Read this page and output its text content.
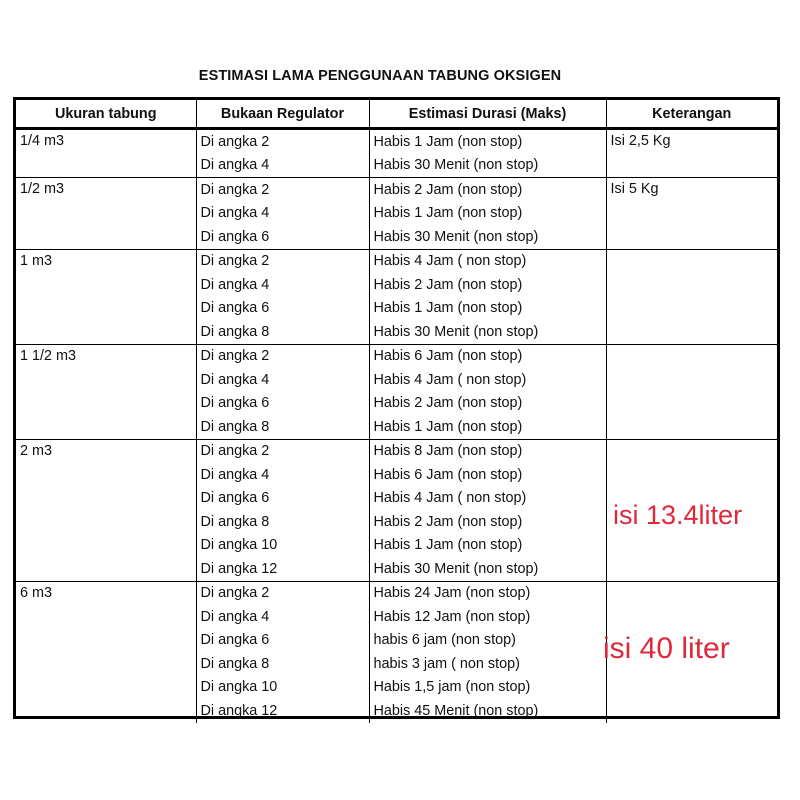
ESTIMASI LAMA PENGGUNAAN TABUNG OKSIGEN
Ukuran tabung	Bukaan Regulator	Estimasi Durasi (Maks)	Keterangan
1/4 m3	Di angka 2	Habis 1 Jam (non stop)	Isi 2,5 Kg
	Di angka 4	Habis 30 Menit (non stop)	
1/2 m3	Di angka 2	Habis 2 Jam (non stop)	Isi 5 Kg
	Di angka 4	Habis 1 Jam (non stop)	
	Di angka 6	Habis 30 Menit (non stop)	
1 m3	Di angka 2	Habis 4 Jam ( non stop)	
	Di angka 4	Habis 2 Jam (non stop)	
	Di angka 6	Habis 1 Jam (non stop)	
	Di angka 8	Habis 30 Menit (non stop)	
1 1/2 m3	Di angka 2	Habis 6 Jam (non stop)	
	Di angka 4	Habis 4 Jam ( non stop)	
	Di angka 6	Habis 2 Jam (non stop)	
	Di angka 8	Habis 1 Jam (non stop)	
2 m3	Di angka 2	Habis 8 Jam (non stop)	
	Di angka 4	Habis 6 Jam (non stop)	
	Di angka 6	Habis 4 Jam ( non stop)	
	Di angka 8	Habis 2 Jam (non stop)	
	Di angka 10	Habis 1 Jam (non stop)	
	Di angka 12	Habis 30 Menit (non stop)	
6 m3	Di angka 2	Habis 24 Jam (non stop)	
	Di angka 4	Habis 12 Jam (non stop)	
	Di angka 6	habis 6 jam (non stop)	
	Di angka 8	habis 3 jam ( non stop)	
	Di angka 10	Habis 1,5 jam (non stop)	
	Di angka 12	Habis 45 Menit (non stop)	
isi 13.4liter
isi 40 liter
